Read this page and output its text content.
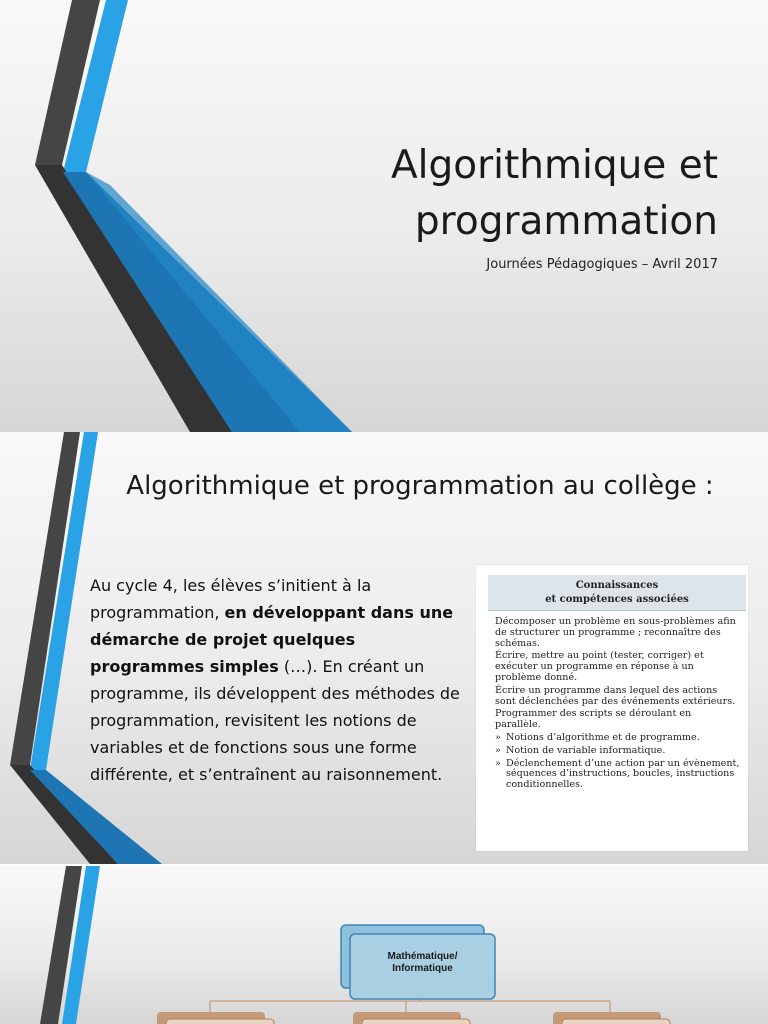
Algorithmique et
programmation
Journées Pédagogiques – Avril 2017
Algorithmique et programmation au collège :
Au cycle 4, les élèves s’initient à la programmation, en développant dans une démarche de projet quelques programmes simples (…). En créant un programme, ils développent des méthodes de programmation, revisitent les notions de variables et de fonctions sous une forme différente, et s’entraînent au raisonnement.
Connaissances
et compétences associées

Décomposer un problème en sous-problèmes afin de structurer un programme ; reconnaître des schémas.

Écrire, mettre au point (tester, corriger) et exécuter un programme en réponse à un problème donné.

Écrire un programme dans lequel des actions sont déclenchées par des événements extérieurs.

Programmer des scripts se déroulant en parallèle.

» Notions d’algorithme et de programme.
» Notion de variable informatique.
» Déclenchement d’une action par un évènement, séquences d’instructions, boucles, instructions conditionnelles.
Mathématique/
Informatique
